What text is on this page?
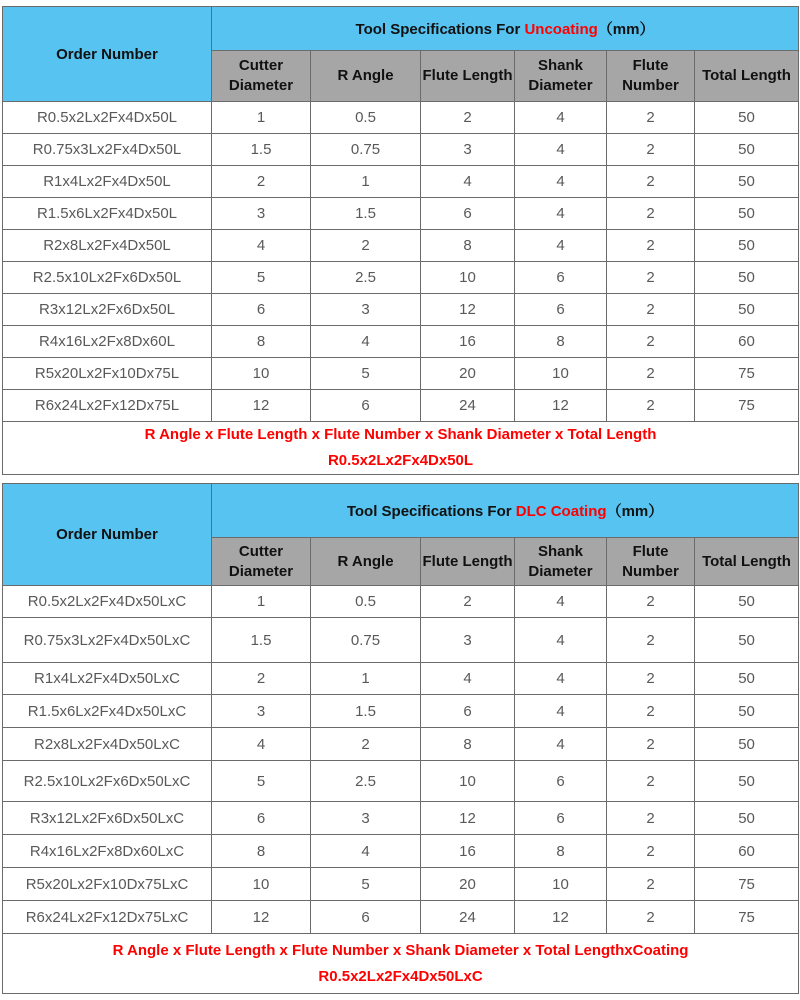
Order Number	Tool Specifications For Uncoating（mm）					
	Cutter Diameter	R Angle	Flute Length	Shank Diameter	Flute Number	Total Length
R0.5x2Lx2Fx4Dx50L	1	0.5	2	4	2	50
R0.75x3Lx2Fx4Dx50L	1.5	0.75	3	4	2	50
R1x4Lx2Fx4Dx50L	2	1	4	4	2	50
R1.5x6Lx2Fx4Dx50L	3	1.5	6	4	2	50
R2x8Lx2Fx4Dx50L	4	2	8	4	2	50
R2.5x10Lx2Fx6Dx50L	5	2.5	10	6	2	50
R3x12Lx2Fx6Dx50L	6	3	12	6	2	50
R4x16Lx2Fx8Dx60L	8	4	16	8	2	60
R5x20Lx2Fx10Dx75L	10	5	20	10	2	75
R6x24Lx2Fx12Dx75L	12	6	24	12	2	75

R Angle x Flute Length x Flute Number x Shank Diameter x Total Length
R0.5x2Lx2Fx4Dx50L						
Order Number	Tool Specifications For DLC Coating（mm）					
	Cutter Diameter	R Angle	Flute Length	Shank Diameter	Flute Number	Total Length
R0.5x2Lx2Fx4Dx50LxC	1	0.5	2	4	2	50
R0.75x3Lx2Fx4Dx50LxC	1.5	0.75	3	4	2	50
R1x4Lx2Fx4Dx50LxC	2	1	4	4	2	50
R1.5x6Lx2Fx4Dx50LxC	3	1.5	6	4	2	50
R2x8Lx2Fx4Dx50LxC	4	2	8	4	2	50
R2.5x10Lx2Fx6Dx50LxC	5	2.5	10	6	2	50
R3x12Lx2Fx6Dx50LxC	6	3	12	6	2	50
R4x16Lx2Fx8Dx60LxC	8	4	16	8	2	60
R5x20Lx2Fx10Dx75LxC	10	5	20	10	2	75
R6x24Lx2Fx12Dx75LxC	12	6	24	12	2	75

R Angle x Flute Length x Flute Number x Shank Diameter x Total LengthxCoating
R0.5x2Lx2Fx4Dx50LxC						
